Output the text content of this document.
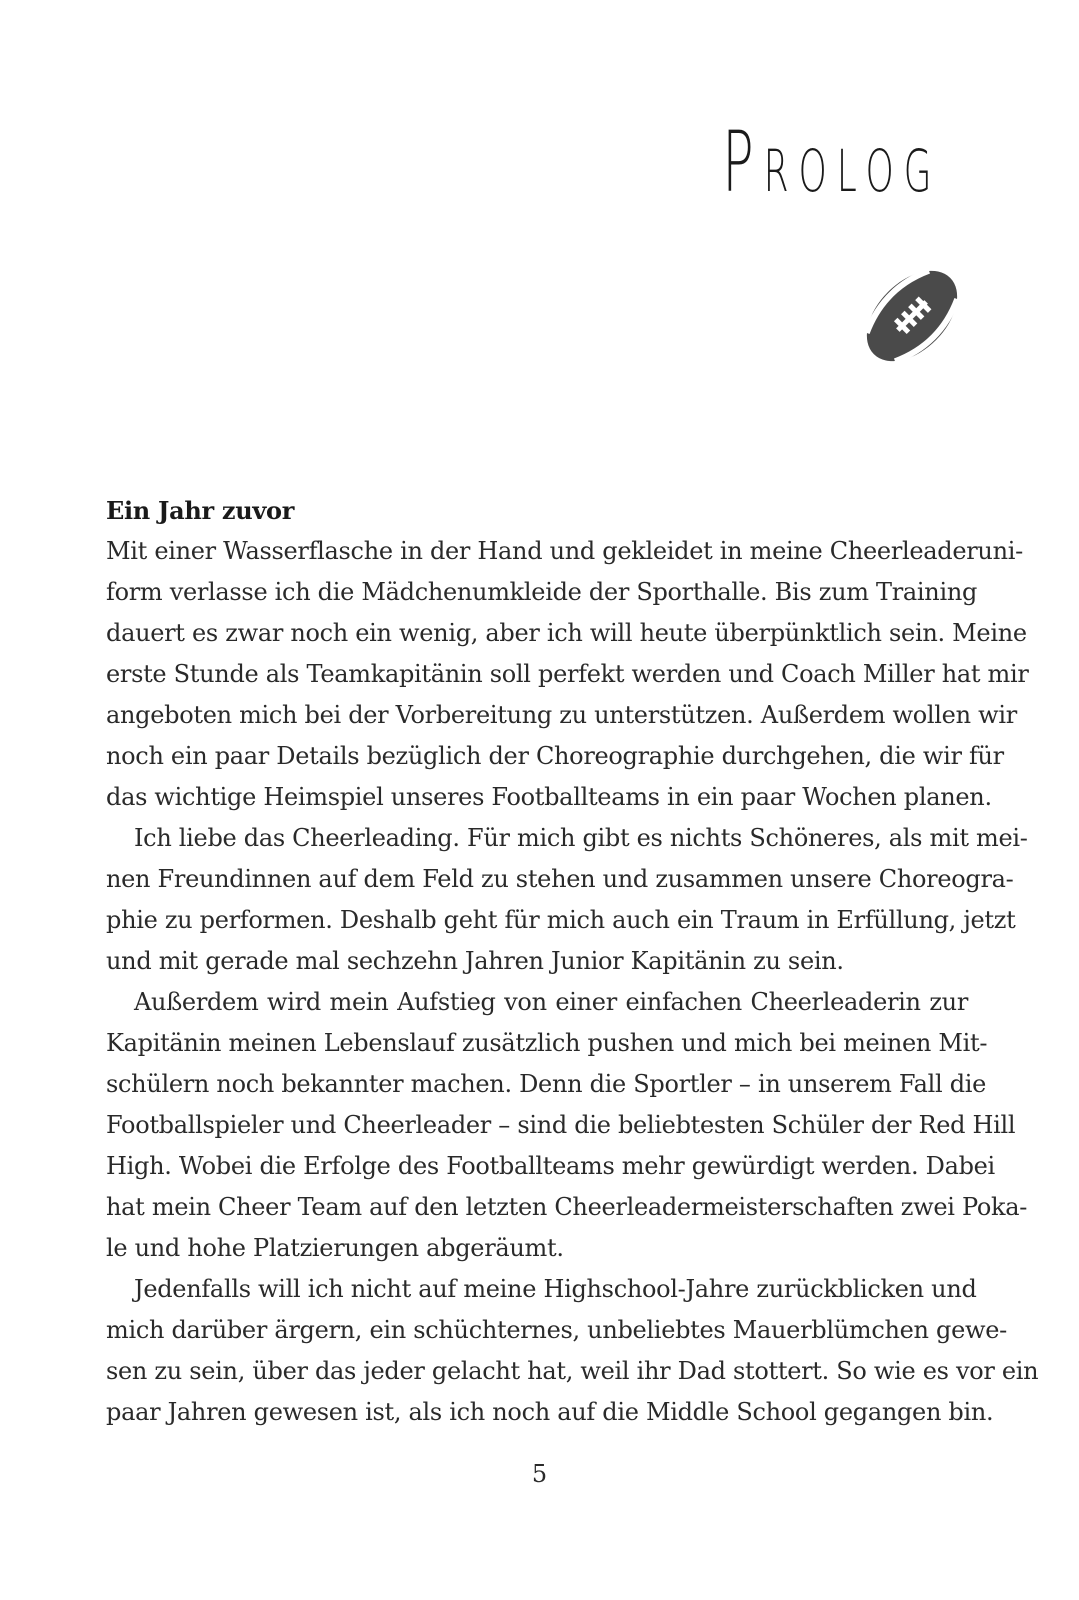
PROLOG
Ein Jahr zuvor
Mit einer Wasserflasche in der Hand und gekleidet in meine Cheerleaderuni-
form verlasse ich die Mädchenumkleide der Sporthalle. Bis zum Training
dauert es zwar noch ein wenig, aber ich will heute überpünktlich sein. Meine
erste Stunde als Teamkapitänin soll perfekt werden und Coach Miller hat mir
angeboten mich bei der Vorbereitung zu unterstützen. Außerdem wollen wir
noch ein paar Details bezüglich der Choreographie durchgehen, die wir für
das wichtige Heimspiel unseres Footballteams in ein paar Wochen planen.
Ich liebe das Cheerleading. Für mich gibt es nichts Schöneres, als mit mei-
nen Freundinnen auf dem Feld zu stehen und zusammen unsere Choreogra-
phie zu performen. Deshalb geht für mich auch ein Traum in Erfüllung, jetzt
und mit gerade mal sechzehn Jahren Junior Kapitänin zu sein.
Außerdem wird mein Aufstieg von einer einfachen Cheerleaderin zur
Kapitänin meinen Lebenslauf zusätzlich pushen und mich bei meinen Mit-
schülern noch bekannter machen. Denn die Sportler – in unserem Fall die
Footballspieler und Cheerleader – sind die beliebtesten Schüler der Red Hill
High. Wobei die Erfolge des Footballteams mehr gewürdigt werden. Dabei
hat mein Cheer Team auf den letzten Cheerleadermeisterschaften zwei Poka-
le und hohe Platzierungen abgeräumt.
Jedenfalls will ich nicht auf meine Highschool-Jahre zurückblicken und
mich darüber ärgern, ein schüchternes, unbeliebtes Mauerblümchen gewe-
sen zu sein, über das jeder gelacht hat, weil ihr Dad stottert. So wie es vor ein
paar Jahren gewesen ist, als ich noch auf die Middle School gegangen bin.
5
